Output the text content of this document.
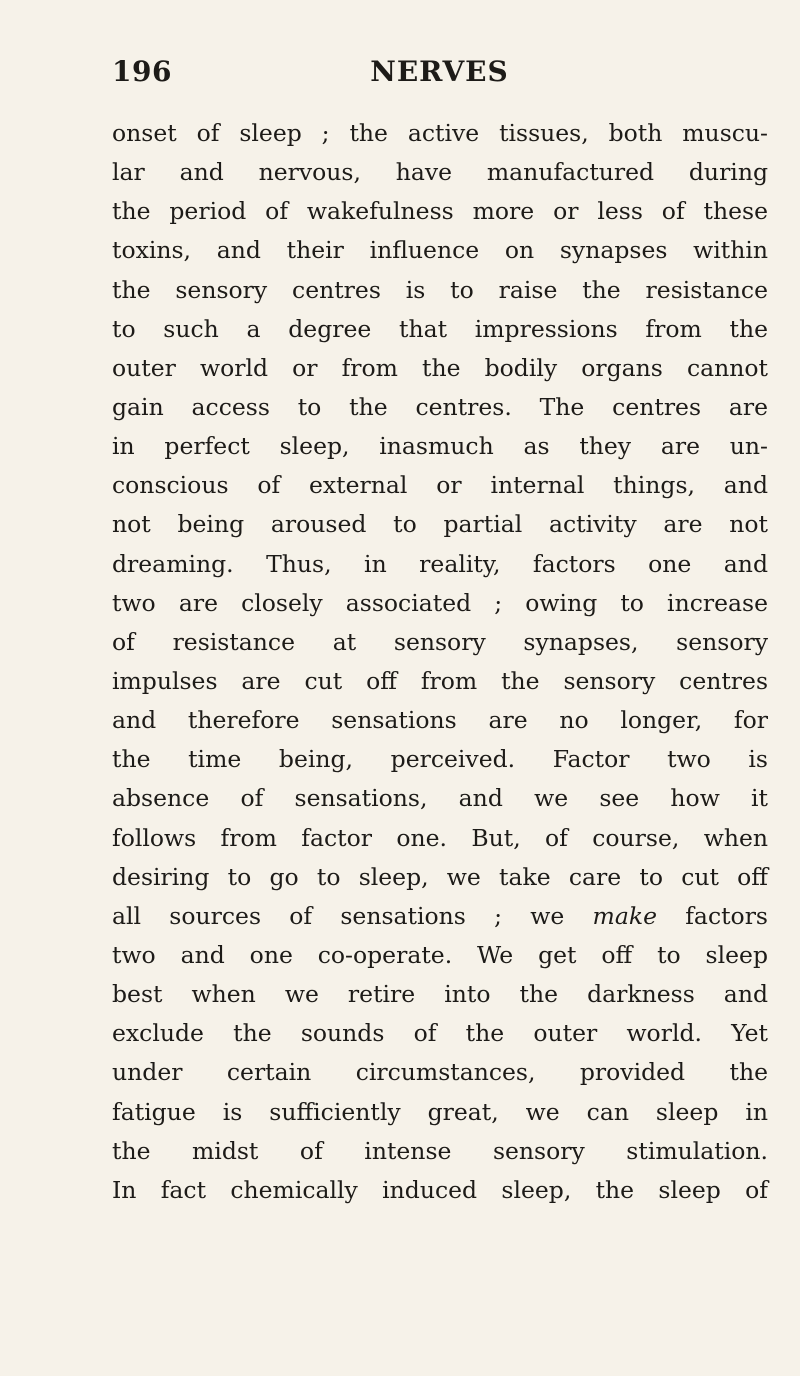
196	NERVES
onset of sleep ; the active tissues, both muscu-
lar and nervous, have manufactured during
the period of wakefulness more or less of these
toxins, and their influence on synapses within
the sensory centres is to raise the resistance
to such a degree that impressions from the
outer world or from the bodily organs cannot
gain access to the centres. The centres are
in perfect sleep, inasmuch as they are un-
conscious of external or internal things, and
not being aroused to partial activity are not
dreaming. Thus, in reality, factors one and
two are closely associated ; owing to increase
of resistance at sensory synapses, sensory
impulses are cut off from the sensory centres
and therefore sensations are no longer, for
the time being, perceived. Factor two is
absence of sensations, and we see how it
follows from factor one. But, of course, when
desiring to go to sleep, we take care to cut off
all sources of sensations ; we make factors
two and one co-operate. We get off to sleep
best when we retire into the darkness and
exclude the sounds of the outer world. Yet
under certain circumstances, provided the
fatigue is sufficiently great, we can sleep in
the midst of intense sensory stimulation.
In fact chemically induced sleep, the sleep of
